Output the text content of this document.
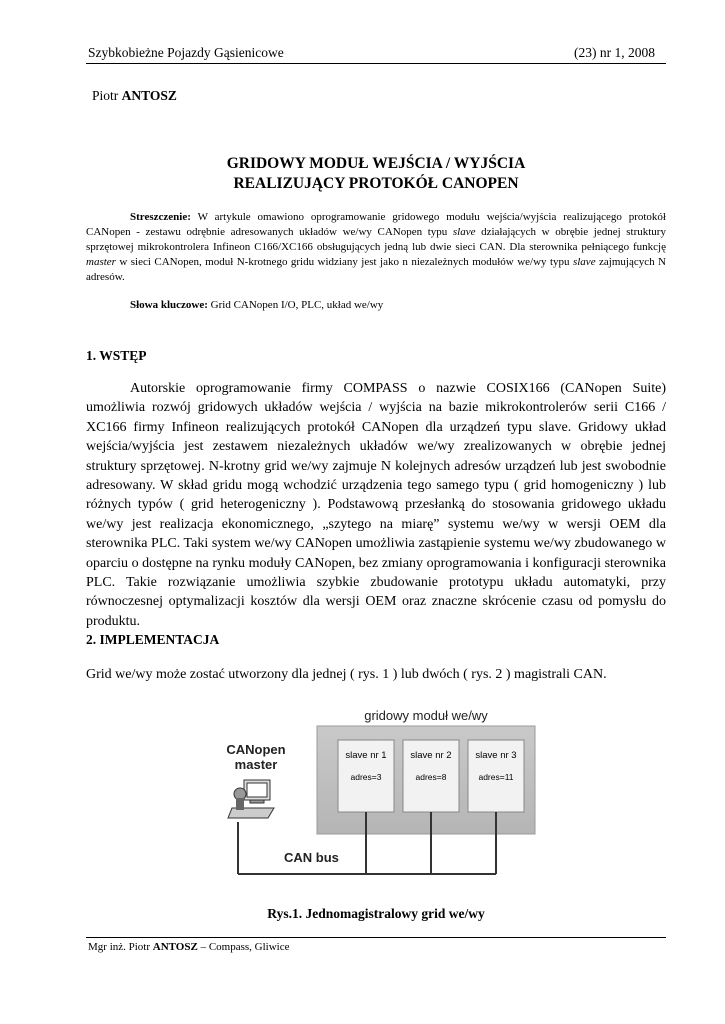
Szybkobieżne Pojazdy Gąsienicowe	(23) nr 1, 2008
Piotr ANTOSZ
GRIDOWY MODUŁ WEJŚCIA / WYJŚCIA
REALIZUJĄCY PROTOKÓŁ CANOPEN
Streszczenie: W artykule omawiono oprogramowanie gridowego modułu wejścia/wyjścia realizującego protokół CANopen - zestawu odrębnie adresowanych układów we/wy CANopen typu slave działających w obrębie jednej struktury sprzętowej mikrokontrolera Infineon C166/XC166 obsługujących jedną lub dwie sieci CAN. Dla sterownika pełniącego funkcję master w sieci CANopen, moduł N-krotnego gridu widziany jest jako n niezależnych modułów we/wy typu slave zajmujących N adresów.
Słowa kluczowe: Grid CANopen I/O, PLC, układ we/wy
1. WSTĘP
Autorskie oprogramowanie firmy COMPASS o nazwie COSIX166 (CANopen Suite) umożliwia rozwój gridowych układów wejścia / wyjścia na bazie mikrokontrolerów serii C166 / XC166 firmy Infineon realizujących protokół CANopen dla urządzeń typu slave. Gridowy układ wejścia/wyjścia jest zestawem niezależnych układów we/wy zrealizowanych w obrębie jednej struktury sprzętowej. N-krotny grid we/wy zajmuje N kolejnych adresów urządzeń lub jest swobodnie adresowany. W skład gridu mogą wchodzić urządzenia tego samego typu ( grid homogeniczny ) lub różnych typów ( grid heterogeniczny ). Podstawową przesłanką do stosowania gridowego układu we/wy jest realizacja ekonomicznego, „szytego na miarę” systemu we/wy w wersji OEM dla sterownika PLC. Taki system we/wy CANopen umożliwia zastąpienie systemu we/wy zbudowanego w oparciu o dostępne na rynku moduły CANopen, bez zmiany oprogramowania i konfiguracji sterownika PLC. Takie rozwiązanie umożliwia szybkie zbudowanie prototypu układu automatyki, przy równoczesnej optymalizacji kosztów dla wersji OEM oraz znaczne skrócenie czasu od pomysłu do produktu.
2. IMPLEMENTACJA
Grid we/wy może zostać utworzony dla jednej ( rys. 1 ) lub dwóch ( rys. 2 ) magistrali CAN.
gridowy moduł we/wy
slave nr 1
adres=3
slave nr 2
adres=8
slave nr 3
adres=11
CANopen
master
CAN bus
Rys.1. Jednomagistralowy grid we/wy
Mgr inż. Piotr ANTOSZ – Compass, Gliwice
